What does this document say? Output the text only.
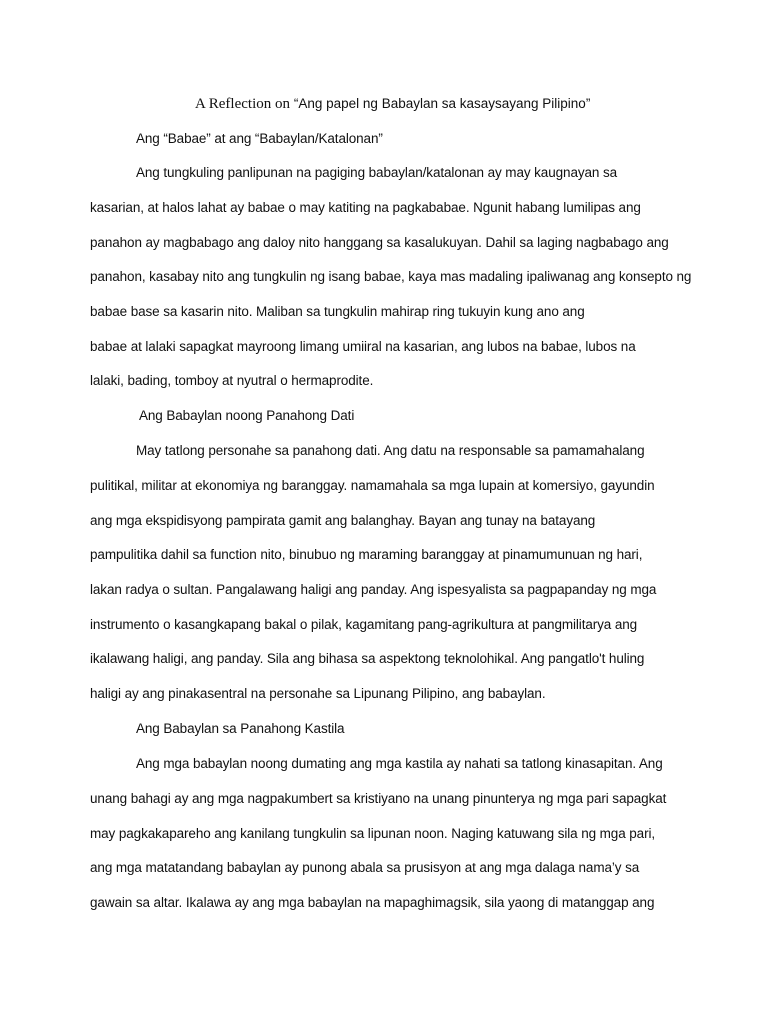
A Reflection on “Ang papel ng Babaylan sa kasaysayang Pilipino”
Ang “Babae” at ang “Babaylan/Katalonan”
Ang tungkuling panlipunan na pagiging babaylan/katalonan ay may kaugnayan sa
kasarian, at halos lahat ay babae o may katiting na pagkababae. Ngunit habang lumilipas ang
panahon ay magbabago ang daloy nito hanggang sa kasalukuyan. Dahil sa laging nagbabago ang
panahon, kasabay nito ang tungkulin ng isang babae, kaya mas madaling ipaliwanag ang konsepto ng
babae base sa kasarin nito. Maliban sa tungkulin mahirap ring tukuyin kung ano ang
babae at lalaki sapagkat mayroong limang umiiral na kasarian, ang lubos na babae, lubos na
lalaki, bading, tomboy at nyutral o hermaprodite.
Ang Babaylan noong Panahong Dati
May tatlong personahe sa panahong dati. Ang datu na responsable sa pamamahalang
pulitikal, militar at ekonomiya ng baranggay. namamahala sa mga lupain at komersiyo, gayundin
ang mga ekspidisyong pampirata gamit ang balanghay. Bayan ang tunay na batayang
pampulitika dahil sa function nito, binubuo ng maraming baranggay at pinamumunuan ng hari,
lakan radya o sultan. Pangalawang haligi ang panday. Ang ispesyalista sa pagpapanday ng mga
instrumento o kasangkapang bakal o pilak, kagamitang pang-agrikultura at pangmilitarya ang
ikalawang haligi, ang panday. Sila ang bihasa sa aspektong teknolohikal. Ang pangatlo't huling
haligi ay ang pinakasentral na personahe sa Lipunang Pilipino, ang babaylan.
Ang Babaylan sa Panahong Kastila
Ang mga babaylan noong dumating ang mga kastila ay nahati sa tatlong kinasapitan. Ang
unang bahagi ay ang mga nagpakumbert sa kristiyano na unang pinunterya ng mga pari sapagkat
may pagkakapareho ang kanilang tungkulin sa lipunan noon. Naging katuwang sila ng mga pari,
ang mga matatandang babaylan ay punong abala sa prusisyon at ang mga dalaga nama’y sa
gawain sa altar. Ikalawa ay ang mga babaylan na mapaghimagsik, sila yaong di matanggap ang
